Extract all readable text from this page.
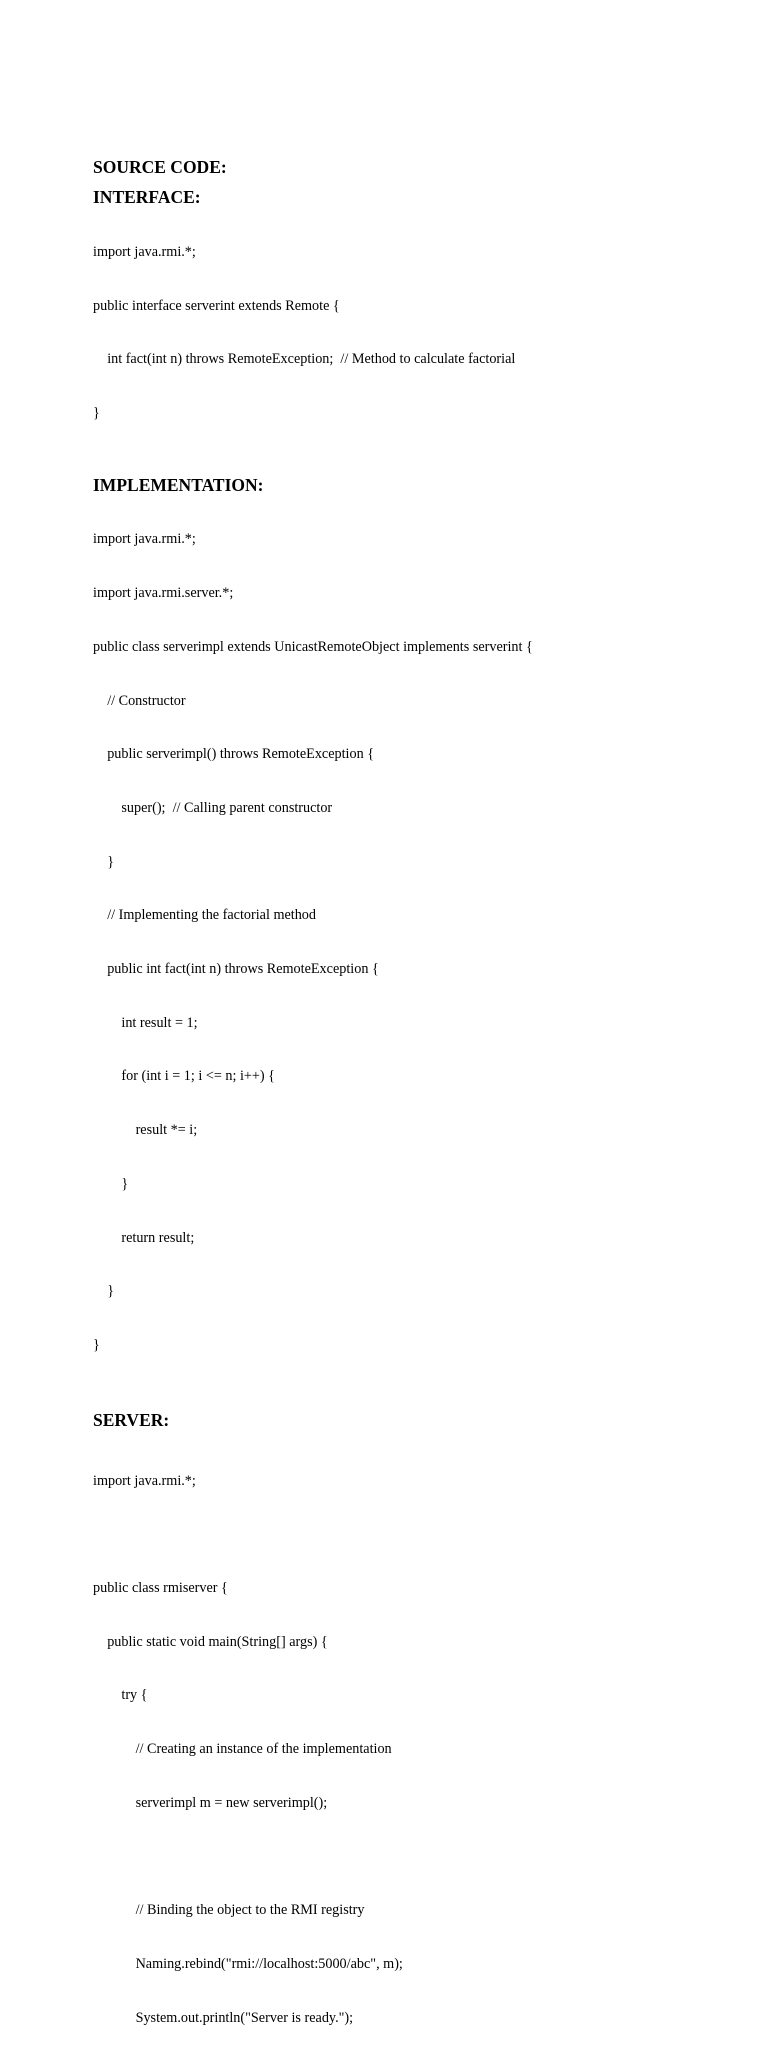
SOURCE CODE:
INTERFACE:

import java.rmi.*;

public interface serverint extends Remote {

int fact(int n) throws RemoteException;  // Method to calculate factorial

}

IMPLEMENTATION:

import java.rmi.*;

import java.rmi.server.*;

public class serverimpl extends UnicastRemoteObject implements serverint {

// Constructor

public serverimpl() throws RemoteException {

super();  // Calling parent constructor

}

// Implementing the factorial method

public int fact(int n) throws RemoteException {

int result = 1;

for (int i = 1; i <= n; i++) {

result *= i;

}

return result;

}

}

SERVER:

import java.rmi.*;

public class rmiserver {

public static void main(String[] args) {

try {

// Creating an instance of the implementation

serverimpl m = new serverimpl();

// Binding the object to the RMI registry

Naming.rebind("rmi://localhost:5000/abc", m);

System.out.println("Server is ready.");
